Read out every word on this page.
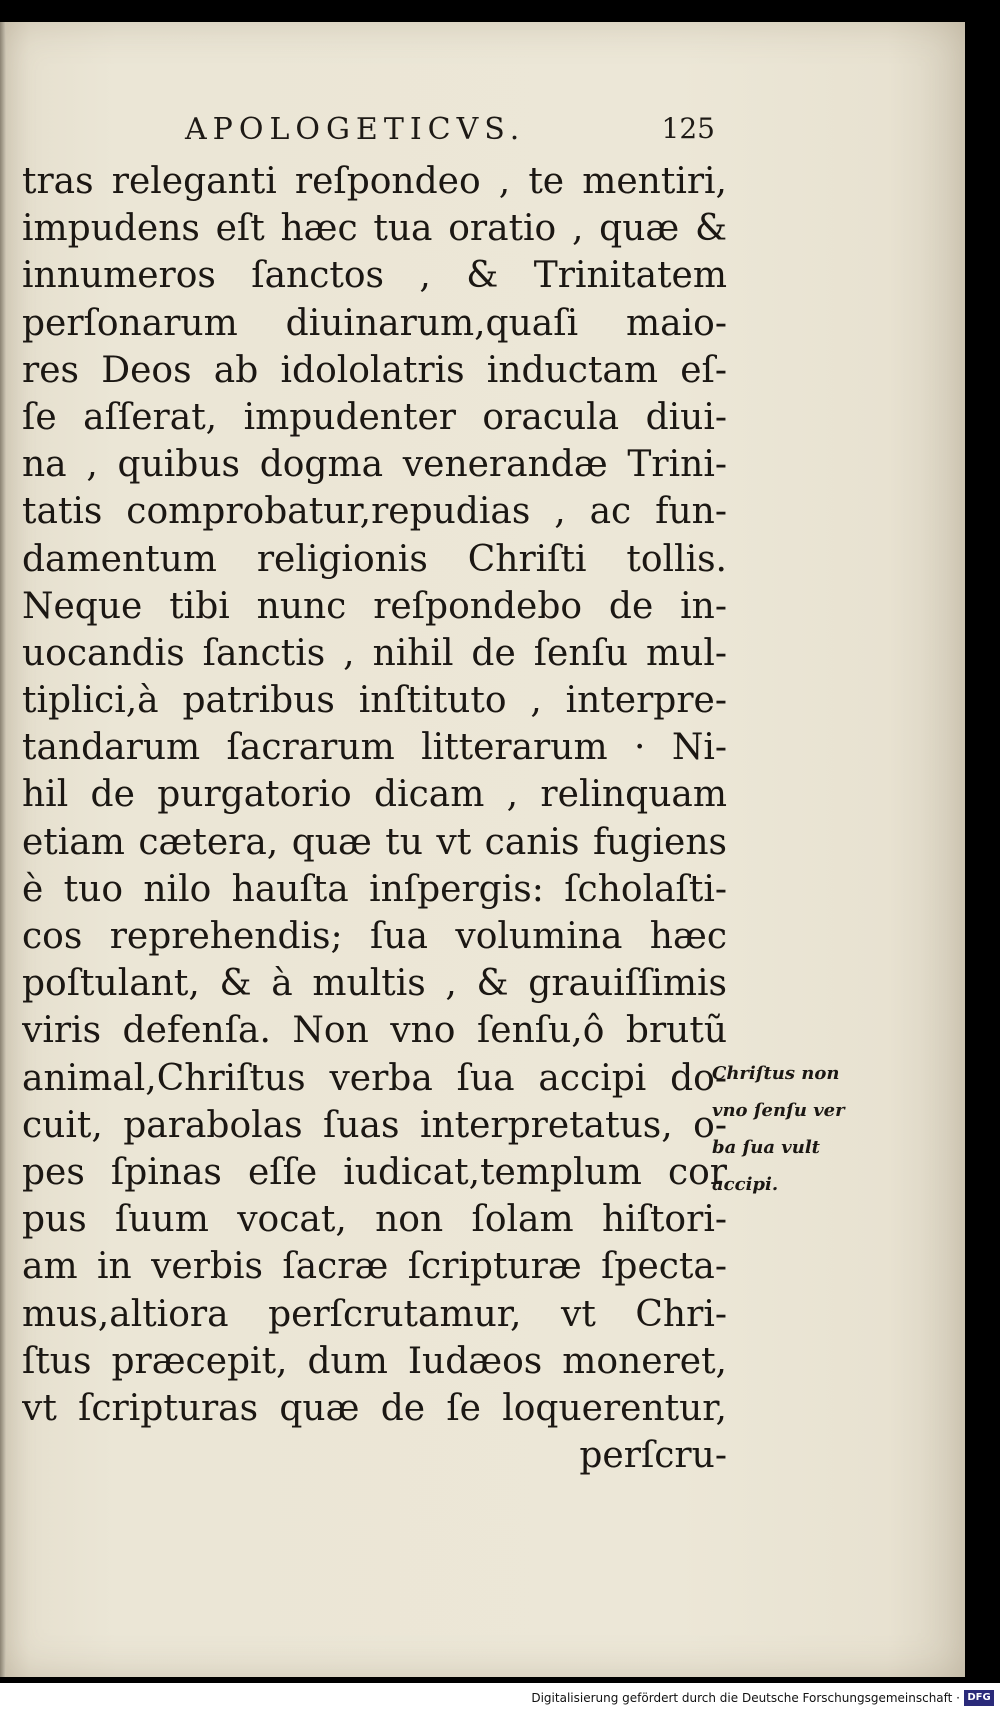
APOLOGETICVS.	125
tras releganti reſpondeo , te mentiri,
impudens eſt hæc tua oratio , quæ &
innumeros ſanctos , & Trinitatem
perſonarum diuinarum,quaſi maio-
res Deos ab idololatris inductam eſ-
ſe aſſerat, impudenter oracula diui-
na , quibus dogma venerandæ Trini-
tatis comprobatur,repudias , ac fun-
damentum religionis Chriſti tollis.
Neque tibi nunc reſpondebo de in-
uocandis ſanctis , nihil de ſenſu mul-
tiplici,à patribus inſtituto , interpre-
tandarum ſacrarum litterarum · Ni-
hil de purgatorio dicam , relinquam
etiam cætera, quæ tu vt canis fugiens
è tuo nilo hauſta inſpergis: ſcholaſti-
cos reprehendis; ſua volumina hæc
poſtulant, & à multis , & grauiſſimis
viris defenſa. Non vno ſenſu,ô brutũ
animal,Chriſtus verba ſua accipi do-
cuit, parabolas ſuas interpretatus, o-
pes ſpinas eſſe iudicat,templum cor
pus ſuum vocat, non ſolam hiſtori-
am in verbis ſacræ ſcripturæ ſpecta-
mus,altiora perſcrutamur, vt Chri-
ſtus præcepit, dum Iudæos moneret,
vt ſcripturas quæ de ſe loquerentur,
perſcru-
Chriſtus non
vno ſenſu ver
ba ſua vult
accipi.
Digitalisierung gefördert durch die Deutsche Forschungsgemeinschaft · DFG
